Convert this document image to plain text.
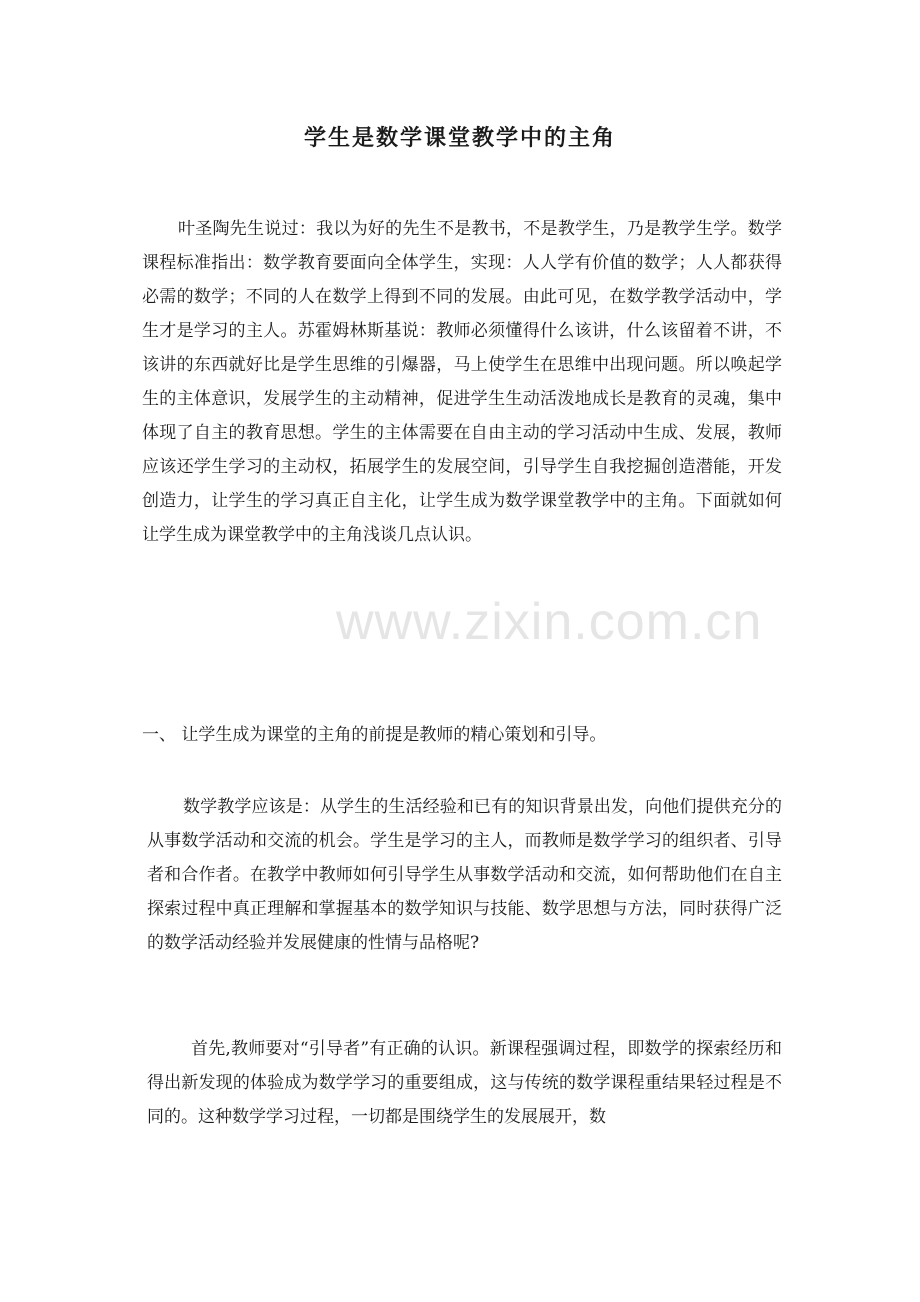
学生是数学课堂教学中的主角

叶圣陶先生说过：我以为好的先生不是教书，不是教学生，乃是教学生学。数学课程标准指出：数学教育要面向全体学生，实现：人人学有价值的数学；人人都获得必需的数学；不同的人在数学上得到不同的发展。由此可见，在数学教学活动中，学生才是学习的主人。苏霍姆林斯基说：教师必须懂得什么该讲，什么该留着不讲，不该讲的东西就好比是学生思维的引爆器，马上使学生在思维中出现问题。所以唤起学生的主体意识，发展学生的主动精神，促进学生生动活泼地成长是教育的灵魂，集中体现了自主的教育思想。学生的主体需要在自由主动的学习活动中生成、发展，教师应该还学生学习的主动权，拓展学生的发展空间，引导学生自我挖掘创造潜能，开发创造力，让学生的学习真正自主化，让学生成为数学课堂教学中的主角。下面就如何让学生成为课堂教学中的主角浅谈几点认识。

一、 让学生成为课堂的主角的前提是教师的精心策划和引导。

数学教学应该是：从学生的生活经验和已有的知识背景出发，向他们提供充分的从事数学活动和交流的机会。学生是学习的主人，而教师是数学学习的组织者、引导者和合作者。在教学中教师如何引导学生从事数学活动和交流，如何帮助他们在自主探索过程中真正理解和掌握基本的数学知识与技能、数学思想与方法，同时获得广泛的数学活动经验并发展健康的性情与品格呢?

首先,教师要对“引导者”有正确的认识。新课程强调过程，即数学的探索经历和得出新发现的体验成为数学学习的重要组成，这与传统的数学课程重结果轻过程是不同的。这种数学学习过程，一切都是围绕学生的发展展开，数

www.zixin.com.cn
